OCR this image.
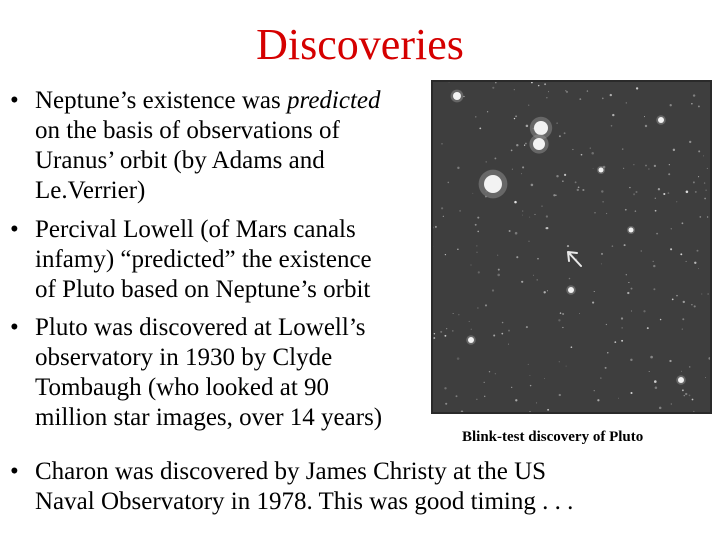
Discoveries
• Neptune’s existence was predicted
on the basis of observations of
Uranus’ orbit (by Adams and
Le.Verrier)
• Percival Lowell (of Mars canals
infamy) “predicted” the existence
of Pluto based on Neptune’s orbit
• Pluto was discovered at Lowell’s
observatory in 1930 by Clyde
Tombaugh (who looked at 90
million star images, over 14 years)
• Charon was discovered by James Christy at the US
Naval Observatory in 1978. This was good timing . . .
Blink-test discovery of Pluto
